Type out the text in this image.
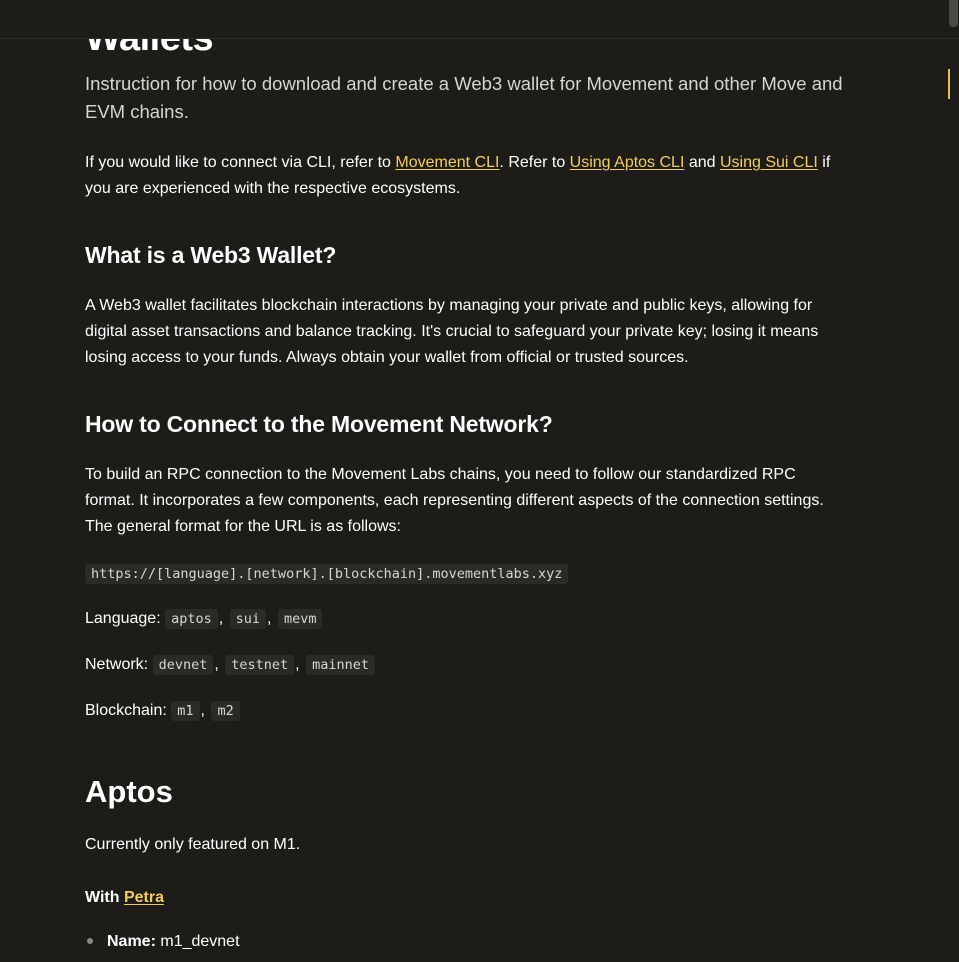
Instruction for how to download and create a Web3 wallet for Movement and other Move and EVM chains.

If you would like to connect via CLI, refer to Movement CLI. Refer to Using Aptos CLI and Using Sui CLI if you are experienced with the respective ecosystems.

What is a Web3 Wallet?

A Web3 wallet facilitates blockchain interactions by managing your private and public keys, allowing for digital asset transactions and balance tracking. It's crucial to safeguard your private key; losing it means losing access to your funds. Always obtain your wallet from official or trusted sources.

How to Connect to the Movement Network?

To build an RPC connection to the Movement Labs chains, you need to follow our standardized RPC format. It incorporates a few components, each representing different aspects of the connection settings. The general format for the URL is as follows:

https://[language].[network].[blockchain].movementlabs.xyz
Language: aptos , sui , mevm
Network: devnet , testnet , mainnet
Blockchain: m1 , m2
Aptos

Currently only featured on M1.

With Petra
Name: m1_devnet
